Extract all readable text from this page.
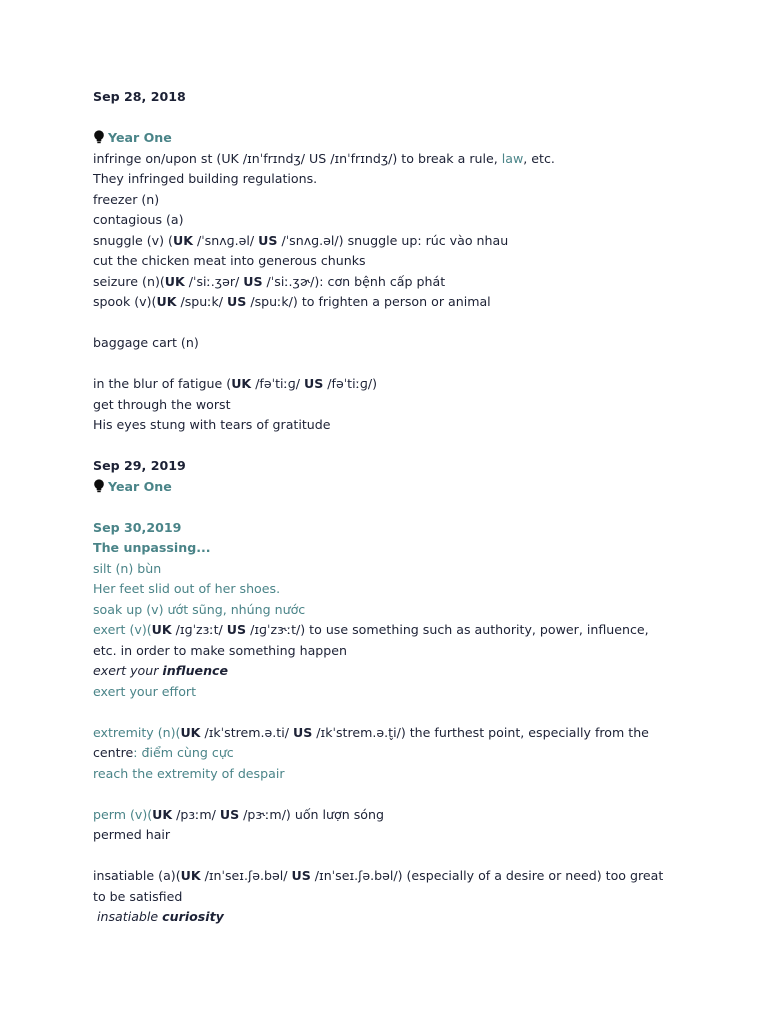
Sep 28, 2018
Year One
infringe on/upon st (UK /ɪnˈfrɪndʒ/ US /ɪnˈfrɪndʒ/) to break a rule, law, etc.
They infringed building regulations.
freezer (n)
contagious (a)
snuggle (v) (UK /ˈsnʌɡ.əl/ US /ˈsnʌɡ.əl/) snuggle up: rúc vào nhau
cut the chicken meat into generous chunks
seizure (n)(UK /ˈsiː.ʒər/ US /ˈsiː.ʒɚ/): cơn bệnh cấp phát
spook (v)(UK /spuːk/ US /spuːk/) to frighten a person or animal
baggage cart (n)
in the blur of fatigue (UK /fəˈtiːɡ/ US /fəˈtiːɡ/)
get through the worst
His eyes stung with tears of gratitude
Sep 29, 2019
Year One
Sep 30,2019
The unpassing...
silt (n) bùn
Her feet slid out of her shoes.
soak up (v) ướt sũng, nhúng nước
exert (v)(UK /ɪɡˈzɜːt/ US /ɪɡˈzɝːt/) to use something such as authority, power, influence, etc. in order to make something happen
exert your influence
exert your effort
extremity (n)(UK /ɪkˈstrem.ə.ti/ US /ɪkˈstrem.ə.t̬i/) the furthest point, especially from the centre: điểm cùng cực
reach the extremity of despair
perm (v)(UK /pɜːm/ US /pɝːm/) uốn lượn sóng
permed hair
insatiable (a)(UK /ɪnˈseɪ.ʃə.bəl/ US /ɪnˈseɪ.ʃə.bəl/) (especially of a desire or need) too great to be satisfied
insatiable curiosity
